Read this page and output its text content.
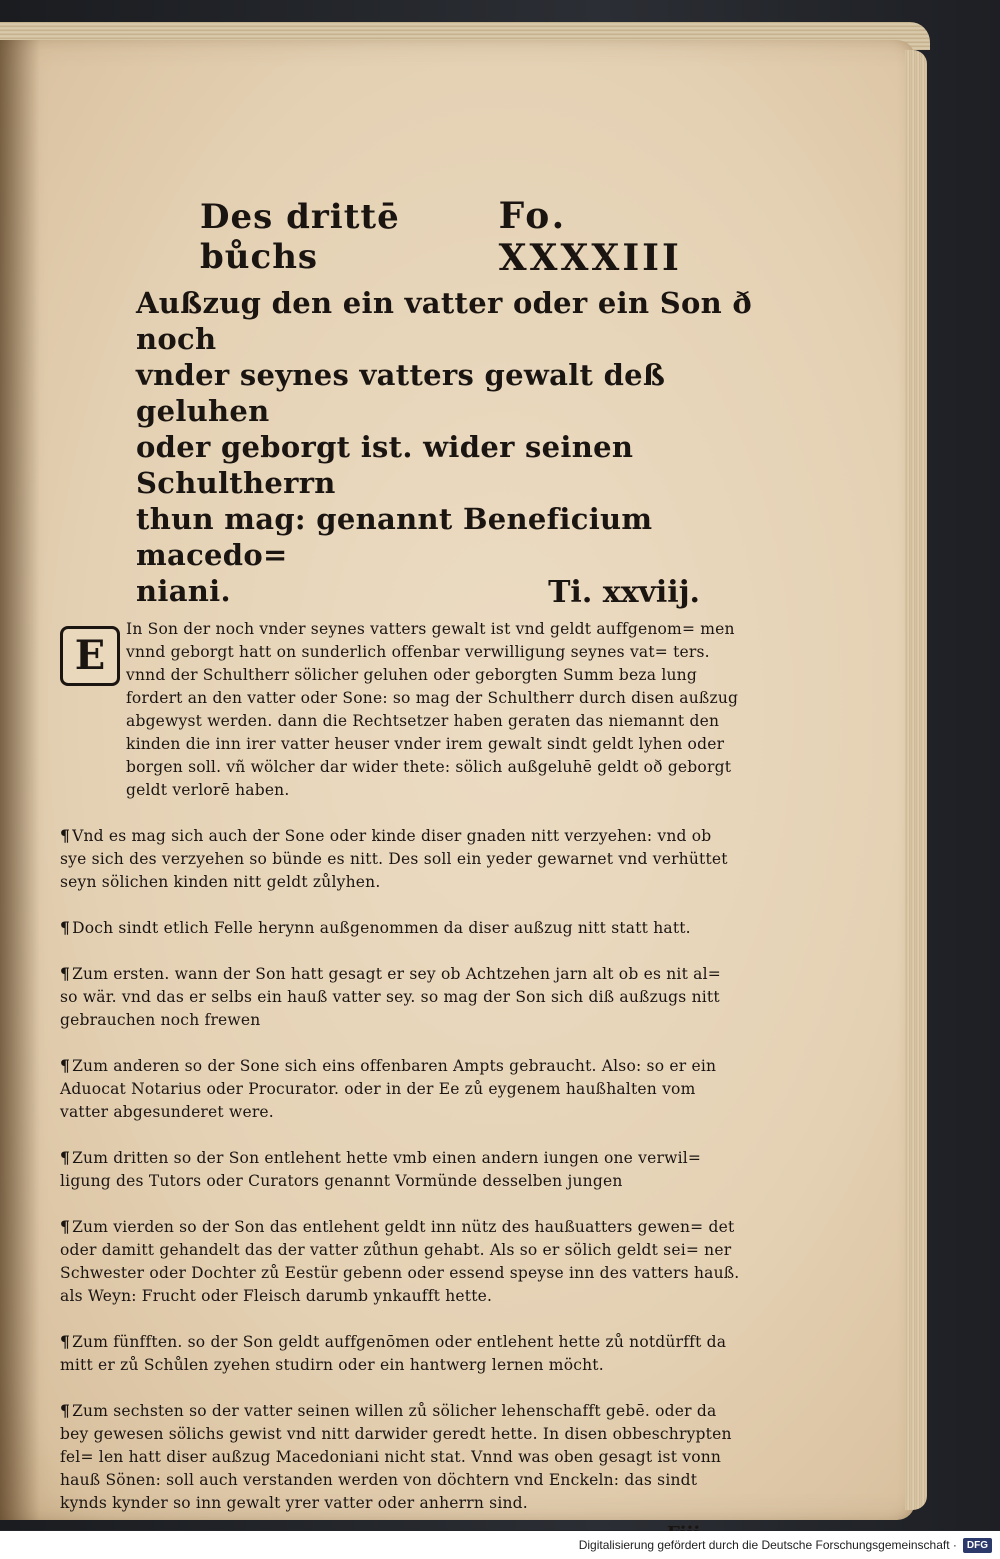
Des drittē bůchs
Fo. XXXXIII
Außzug den ein vatter oder ein Son ð noch
vnder seynes vatters gewalt deß geluhen
oder geborgt ist. wider seinen Schultherrn
thun mag: genannt Beneficium macedo=
niani.	Ti. xxviij.
E
In Son der noch vnder seynes vatters gewalt ist vnd geldt auffgenom= men vnnd geborgt hatt on sunderlich offenbar verwilligung seynes vat= ters. vnnd der Schultherr sölicher geluhen oder geborgten Summ beza lung fordert an den vatter oder Sone: so mag der Schultherr durch disen außzug abgewyst werden. dann die Rechtsetzer haben geraten das niemannt den kinden die inn irer vatter heuser vnder irem gewalt sindt geldt lyhen oder borgen soll. vñ wölcher dar wider thete: sölich außgeluhē geldt oð geborgt geldt verlorē haben.
¶ Vnd es mag sich auch der Sone oder kinde diser gnaden nitt verzyehen: vnd ob sye sich des verzyehen so bünde es nitt. Des soll ein yeder gewarnet vnd verhüttet seyn sölichen kinden nitt geldt zůlyhen.
¶ Doch sindt etlich Felle herynn außgenommen da diser außzug nitt statt hatt.
¶ Zum ersten. wann der Son hatt gesagt er sey ob Achtzehen jarn alt ob es nit al= so wär. vnd das er selbs ein hauß vatter sey. so mag der Son sich diß außzugs nitt gebrauchen noch frewen
¶ Zum anderen so der Sone sich eins offenbaren Ampts gebraucht. Also: so er ein Aduocat Notarius oder Procurator. oder in der Ee zů eygenem haußhalten vom vatter abgesunderet were.
¶ Zum dritten so der Son entlehent hette vmb einen andern iungen one verwil= ligung des Tutors oder Curators genannt Vormünde desselben jungen
¶ Zum vierden so der Son das entlehent geldt inn nütz des haußuatters gewen= det oder damitt gehandelt das der vatter zůthun gehabt. Als so er sölich geldt sei= ner Schwester oder Dochter zů Eestür gebenn oder essend speyse inn des vatters hauß. als Weyn: Frucht oder Fleisch darumb ynkaufft hette.
¶ Zum fünfften. so der Son geldt auffgenōmen oder entlehent hette zů notdürfft da mitt er zů Schůlen zyehen studirn oder ein hantwerg lernen möcht.
¶ Zum sechsten so der vatter seinen willen zů sölicher lehenschafft gebē. oder da bey gewesen sölichs gewist vnd nitt darwider geredt hette. In disen obbeschrypten fel= len hatt diser außzug Macedoniani nicht stat. Vnnd was oben gesagt ist vonn hauß Sönen: soll auch verstanden werden von döchtern vnd Enckeln: das sindt kynds kynder so inn gewalt yrer vatter oder anherrn sind.
Digitalisierung gefördert durch die Deutsche Forschungsgemeinschaft ·	DFG
